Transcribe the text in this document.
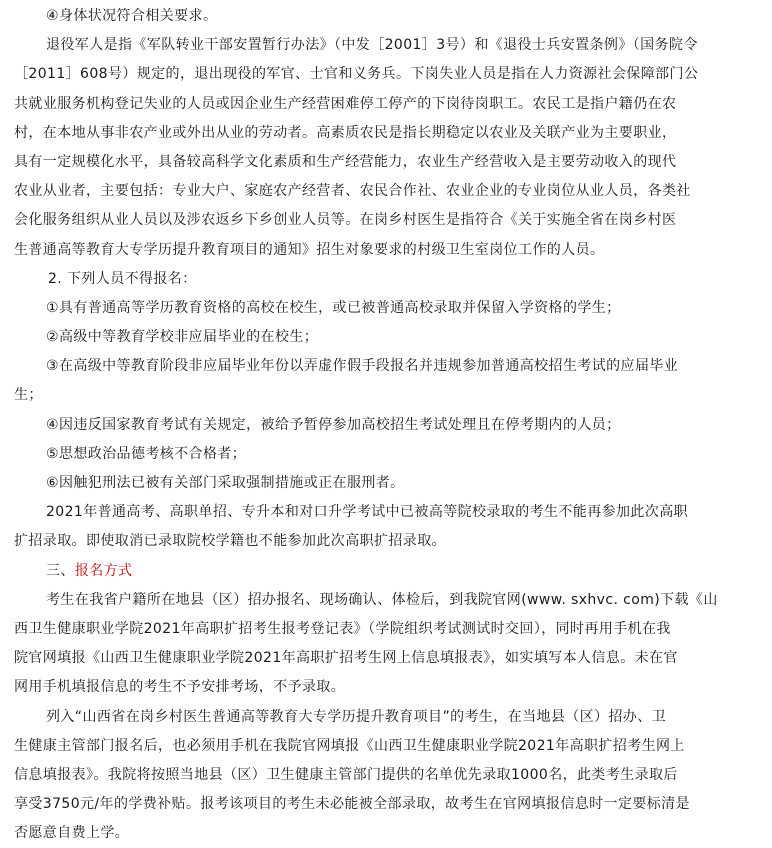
④身体状况符合相关要求。
退役军人是指《军队转业干部安置暂行办法》（中发［2001］3号）和《退役士兵安置条例》（国务院令
［2011］608号）规定的，退出现役的军官、士官和义务兵。下岗失业人员是指在人力资源社会保障部门公
共就业服务机构登记失业的人员或因企业生产经营困难停工停产的下岗待岗职工。农民工是指户籍仍在农
村，在本地从事非农产业或外出从业的劳动者。高素质农民是指长期稳定以农业及关联产业为主要职业，
具有一定规模化水平，具备较高科学文化素质和生产经营能力，农业生产经营收入是主要劳动收入的现代
农业从业者，主要包括：专业大户、家庭农产经营者、农民合作社、农业企业的专业岗位从业人员，各类社
会化服务组织从业人员以及涉农返乡下乡创业人员等。在岗乡村医生是指符合《关于实施全省在岗乡村医
生普通高等教育大专学历提升教育项目的通知》招生对象要求的村级卫生室岗位工作的人员。
2. 下列人员不得报名：
①具有普通高等学历教育资格的高校在校生，或已被普通高校录取并保留入学资格的学生；
②高级中等教育学校非应届毕业的在校生；
③在高级中等教育阶段非应届毕业年份以弄虚作假手段报名并违规参加普通高校招生考试的应届毕业
生；
④因违反国家教育考试有关规定，被给予暂停参加高校招生考试处理且在停考期内的人员；
⑤思想政治品德考核不合格者；
⑥因触犯刑法已被有关部门采取强制措施或正在服刑者。
2021年普通高考、高职单招、专升本和对口升学考试中已被高等院校录取的考生不能再参加此次高职
扩招录取。即使取消已录取院校学籍也不能参加此次高职扩招录取。
三、报名方式
考生在我省户籍所在地县（区）招办报名、现场确认、体检后，到我院官网(www. sxhvc. com)下载《山
西卫生健康职业学院2021年高职扩招考生报考登记表》（学院组织考试测试时交回），同时再用手机在我
院官网填报《山西卫生健康职业学院2021年高职扩招考生网上信息填报表》，如实填写本人信息。未在官
网用手机填报信息的考生不予安排考场，不予录取。
列入“山西省在岗乡村医生普通高等教育大专学历提升教育项目”的考生，在当地县（区）招办、卫
生健康主管部门报名后，也必须用手机在我院官网填报《山西卫生健康职业学院2021年高职扩招考生网上
信息填报表》。我院将按照当地县（区）卫生健康主管部门提供的名单优先录取1000名，此类考生录取后
享受3750元/年的学费补贴。报考该项目的考生未必能被全部录取，故考生在官网填报信息时一定要标清是
否愿意自费上学。
